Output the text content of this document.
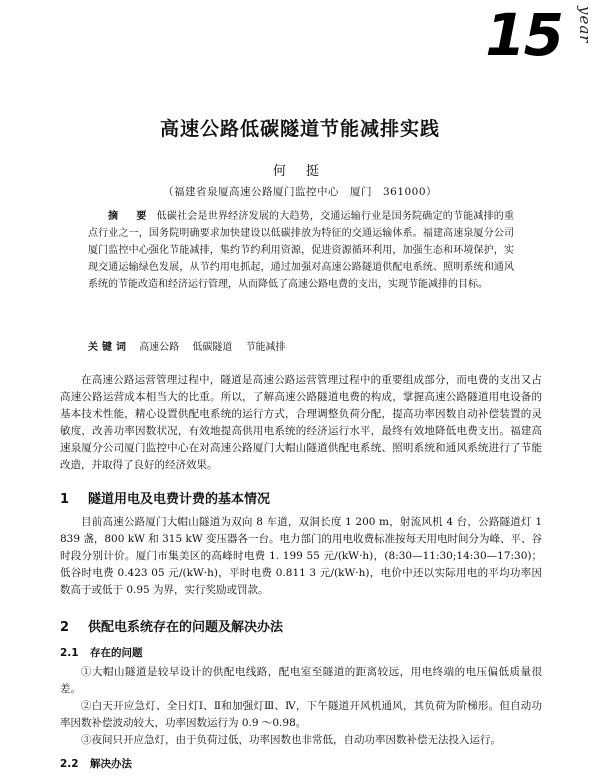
15 year
高速公路低碳隧道节能减排实践
何 挺
（福建省泉厦高速公路厦门监控中心　厦门　361000）
摘　要 低碳社会是世界经济发展的大趋势，交通运输行业是国务院确定的节能减排的重点行业之一，国务院明确要求加快建设以低碳排放为特征的交通运输体系。福建高速泉厦分公司厦门监控中心强化节能减排，集约节约利用资源，促进资源循环利用，加强生态和环境保护，实现交通运输绿色发展，从节约用电抓起，通过加强对高速公路隧道供配电系统、照明系统和通风系统的节能改造和经济运行管理，从而降低了高速公路电费的支出，实现节能减排的目标。
关键词 高速公路 低碳隧道 节能减排
在高速公路运营管理过程中，隧道是高速公路运营管理过程中的重要组成部分，而电费的支出又占高速公路运营成本相当大的比重。所以，了解高速公路隧道电费的构成，掌握高速公路隧道用电设备的基本技术性能，精心设置供配电系统的运行方式，合理调整负荷分配，提高功率因数自动补偿装置的灵敏度，改善功率因数状况，有效地提高供用电系统的经济运行水平，最终有效地降低电费支出。福建高速泉厦分公司厦门监控中心在对高速公路厦门大帽山隧道供配电系统、照明系统和通风系统进行了节能改造，并取得了良好的经济效果。
1 隧道用电及电费计费的基本情况
目前高速公路厦门大帽山隧道为双向 8 车道，双洞长度 1 200 m，射流风机 4 台，公路隧道灯 1 839 盏，800 kW 和 315 kW 变压器各一台。电力部门的用电收费标准按每天用电时间分为峰、平、谷时段分别计价。厦门市集美区的高峰时电费 1. 199 55 元/(kW·h)，(8:30—11:30;14:30—17:30)；低谷时电费 0.423 05 元/(kW·h)，平时电费 0.811 3 元/(kW·h)，电价中还以实际用电的平均功率因数高于或低于 0.95 为界，实行奖励或罚款。
2 供配电系统存在的问题及解决办法
2.1 存在的问题
①大帽山隧道是较早设计的供配电线路，配电室至隧道的距离较远，用电终端的电压偏低质量很差。
②白天开应急灯、全日灯Ⅰ、Ⅱ和加强灯Ⅲ、Ⅳ，下午隧道开风机通风，其负荷为阶梯形。但自动功率因数补偿波动较大，功率因数运行为 0.9 ～0.98。
③夜间只开应急灯，由于负荷过低，功率因数也非常低，自动功率因数补偿无法投入运行。
2.2 解决办法
